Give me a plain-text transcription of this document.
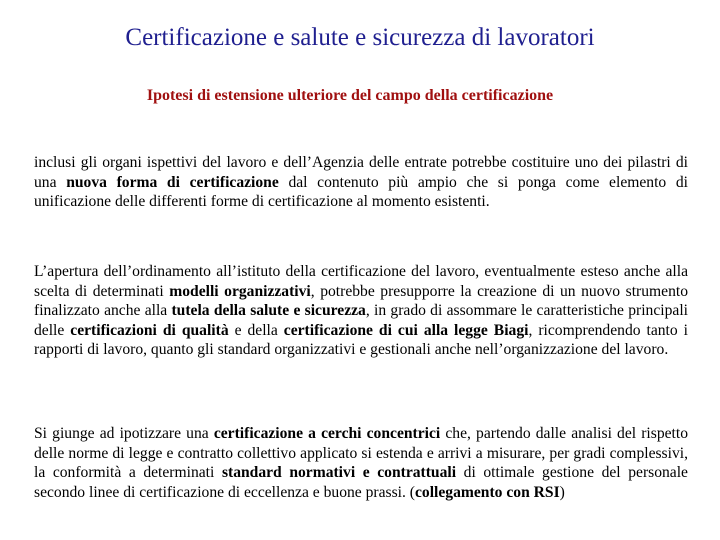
Certificazione e salute e sicurezza di lavoratori
Ipotesi di estensione ulteriore del campo della certificazione

inclusi gli organi ispettivi del lavoro e dell’Agenzia delle entrate potrebbe costituire uno dei pilastri di una nuova forma di certificazione dal contenuto più ampio che si ponga come elemento di unificazione delle differenti forme di certificazione al momento esistenti.

L’apertura dell’ordinamento all’istituto della certificazione del lavoro, eventualmente esteso anche alla scelta di determinati modelli organizzativi, potrebbe presupporre la creazione di un nuovo strumento finalizzato anche alla tutela della salute e sicurezza, in grado di assommare le caratteristiche principali delle certificazioni di qualità e della certificazione di cui alla legge Biagi, ricomprendendo tanto i rapporti di lavoro, quanto gli standard organizzativi e gestionali anche nell’organizzazione del lavoro.

Si giunge ad ipotizzare una certificazione a cerchi concentrici che, partendo dalle analisi del rispetto delle norme di legge e contratto collettivo applicato si estenda e arrivi a misurare, per gradi complessivi, la conformità a determinati standard normativi e contrattuali di ottimale gestione del personale secondo linee di certificazione di eccellenza e buone prassi. (collegamento con RSI)
